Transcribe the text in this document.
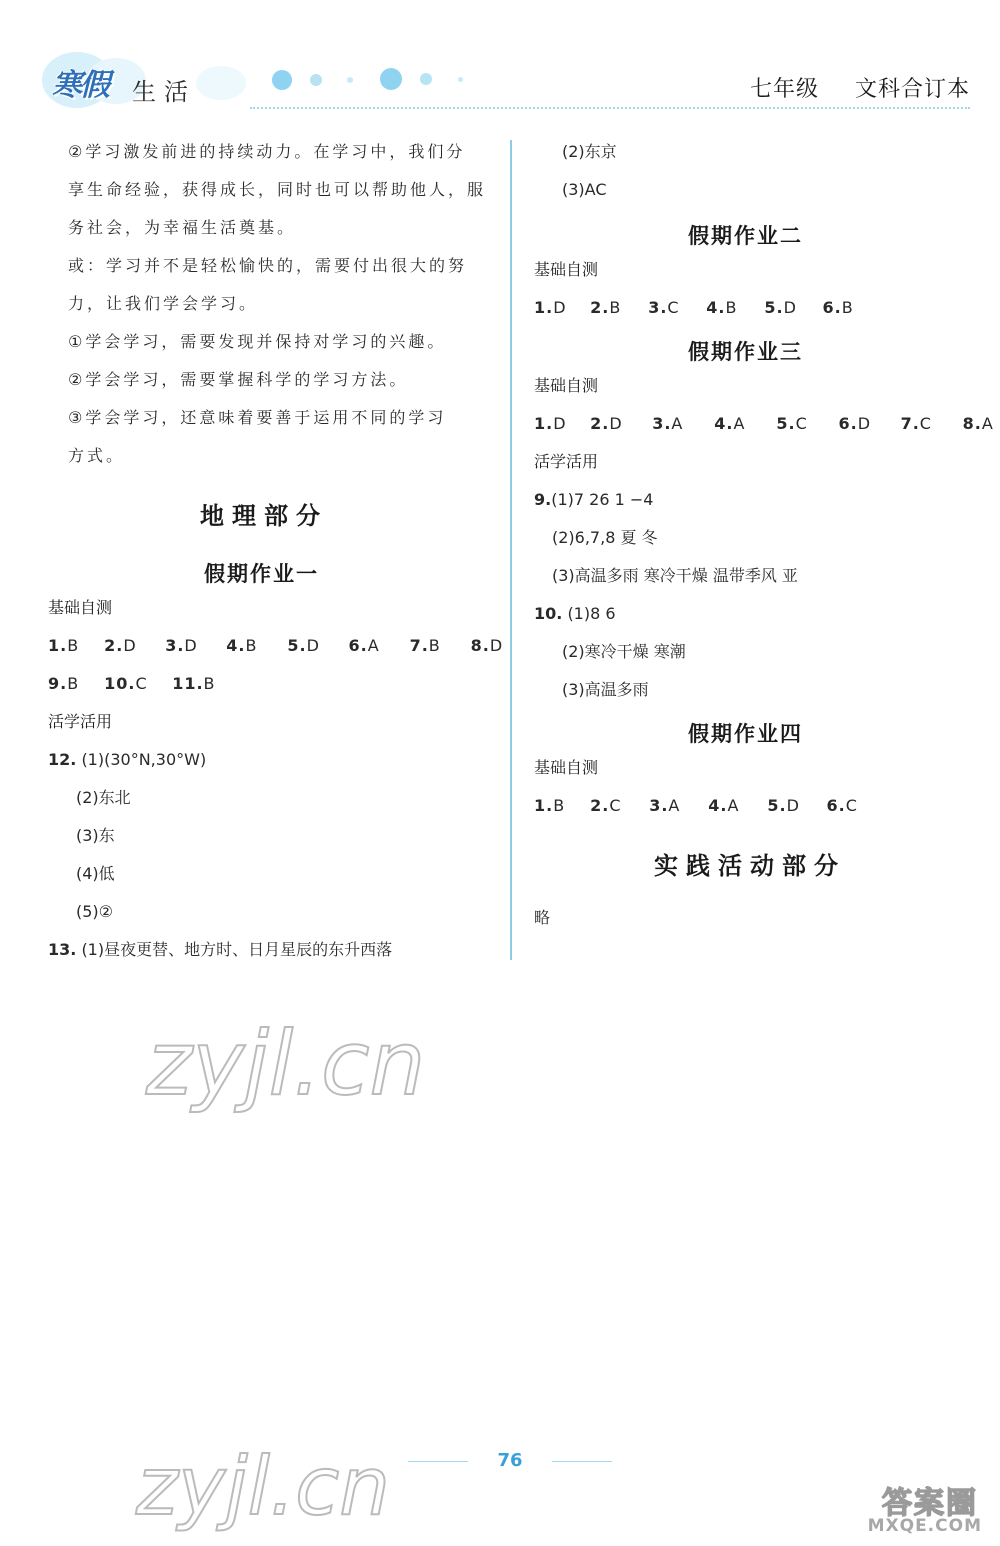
寒假 生活	七年级 文科合订本
②学习激发前进的持续动力。在学习中，我们分
享生命经验，获得成长，同时也可以帮助他人，服
务社会，为幸福生活奠基。
或：学习并不是轻松愉快的，需要付出很大的努
力，让我们学会学习。
①学会学习，需要发现并保持对学习的兴趣。
②学会学习，需要掌握科学的学习方法。
③学会学习，还意味着要善于运用不同的学习
方式。
地理部分
假期作业一
基础自测
1.B 2.D 3.D 4.B 5.D 6.A 7.B 8.D
9.B 10.C 11.B
活学活用
12. (1)(30°N,30°W)
(2)东北
(3)东
(4)低
(5)②
13. (1)昼夜更替、地方时、日月星辰的东升西落
(2)东京
(3)AC
假期作业二
基础自测
1.D 2.B 3.C 4.B 5.D 6.B
假期作业三
基础自测
1.D 2.D 3.A 4.A 5.C 6.D 7.C 8.A
活学活用
9.(1)7 26 1 −4
(2)6,7,8 夏 冬
(3)高温多雨 寒冷干燥 温带季风 亚
10. (1)8 6
(2)寒冷干燥 寒潮
(3)高温多雨
假期作业四
基础自测
1.B 2.C 3.A 4.A 5.D 6.C
实践活动部分
略
zyjl.cn
zyjl.cn	76
答案圈
MXQE.COM
